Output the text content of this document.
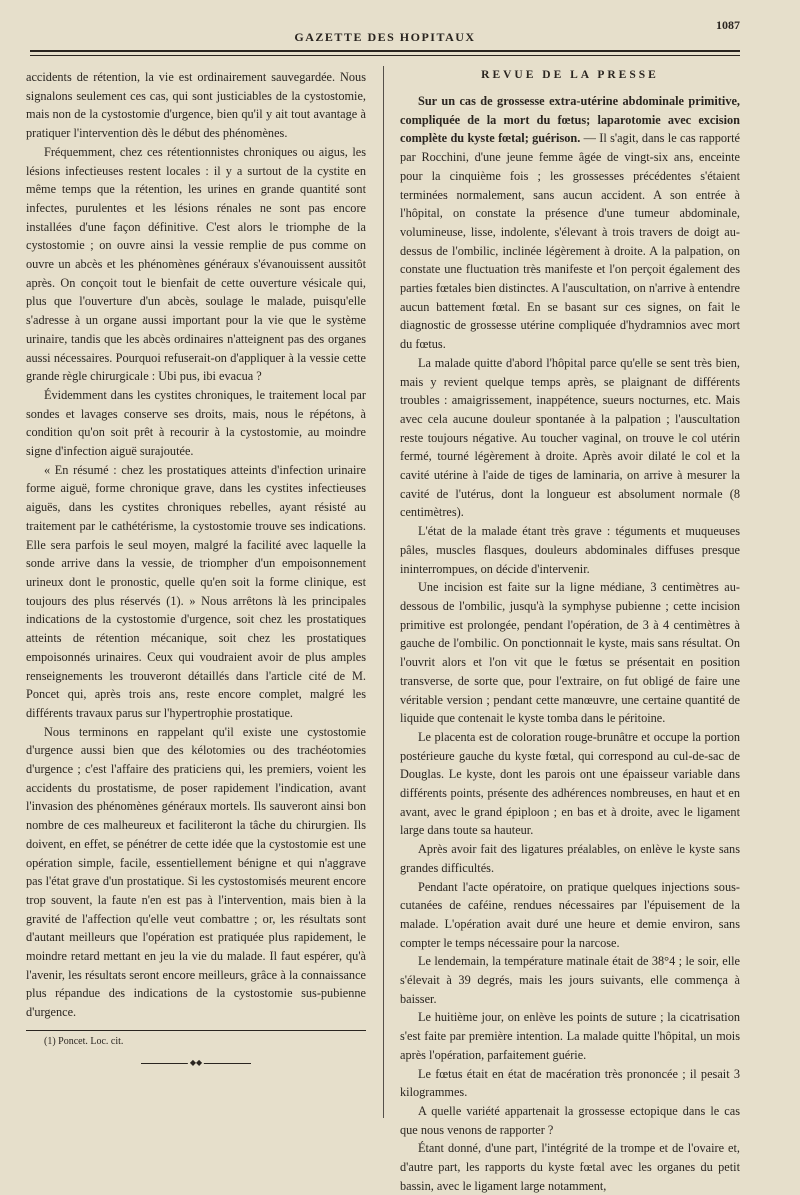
GAZETTE DES HOPITAUX
1087

accidents de rétention, la vie est ordinairement sauvegardée. Nous signalons seulement ces cas, qui sont justiciables de la cystostomie, mais non de la cystostomie d'urgence, bien qu'il y ait tout avantage à pratiquer l'intervention dès le début des phénomènes.

Fréquemment, chez ces rétentionnistes chroniques ou aigus, les lésions infectieuses restent locales : il y a surtout de la cystite en même temps que la rétention, les urines en grande quantité sont infectes, purulentes et les lésions rénales ne sont pas encore installées d'une façon définitive. C'est alors le triomphe de la cystostomie ; on ouvre ainsi la vessie remplie de pus comme on ouvre un abcès et les phénomènes généraux s'évanouissent aussitôt après. On conçoit tout le bienfait de cette ouverture vésicale qui, plus que l'ouverture d'un abcès, soulage le malade, puisqu'elle s'adresse à un organe aussi important pour la vie que le système urinaire, tandis que les abcès ordinaires n'atteignent pas des organes aussi nécessaires. Pourquoi refuserait-on d'appliquer à la vessie cette grande règle chirurgicale : Ubi pus, ibi evacua ?

Évidemment dans les cystites chroniques, le traitement local par sondes et lavages conserve ses droits, mais, nous le répétons, à condition qu'on soit prêt à recourir à la cystostomie, au moindre signe d'infection aiguë surajoutée.

« En résumé : chez les prostatiques atteints d'infection urinaire forme aiguë, forme chronique grave, dans les cystites infectieuses aiguës, dans les cystites chroniques rebelles, ayant résisté au traitement par le cathétérisme, la cystostomie trouve ses indications. Elle sera parfois le seul moyen, malgré la facilité avec laquelle la sonde arrive dans la vessie, de triompher d'un empoisonnement urineux dont le pronostic, quelle qu'en soit la forme clinique, est toujours des plus réservés (1). » Nous arrêtons là les principales indications de la cystostomie d'urgence, soit chez les prostatiques atteints de rétention mécanique, soit chez les prostatiques empoisonnés urinaires. Ceux qui voudraient avoir de plus amples renseignements les trouveront détaillés dans l'article cité de M. Poncet qui, après trois ans, reste encore complet, malgré les différents travaux parus sur l'hypertrophie prostatique.

Nous terminons en rappelant qu'il existe une cystostomie d'urgence aussi bien que des kélotomies ou des trachéotomies d'urgence ; c'est l'affaire des praticiens qui, les premiers, voient les accidents du prostatisme, de poser rapidement l'indication, avant l'invasion des phénomènes généraux mortels. Ils sauveront ainsi bon nombre de ces malheureux et faciliteront la tâche du chirurgien. Ils doivent, en effet, se pénétrer de cette idée que la cystostomie est une opération simple, facile, essentiellement bénigne et qui n'aggrave pas l'état grave d'un prostatique. Si les cystostomisés meurent encore trop souvent, la faute n'en est pas à l'intervention, mais bien à la gravité de l'affection qu'elle veut combattre ; or, les résultats sont d'autant meilleurs que l'opération est pratiquée plus rapidement, le moindre retard mettant en jeu la vie du malade. Il faut espérer, qu'à l'avenir, les résultats seront encore meilleurs, grâce à la connaissance plus répandue des indications de la cystostomie sus-pubienne d'urgence.

(1) Poncet. Loc. cit.

◆◆
REVUE DE LA PRESSE

Sur un cas de grossesse extra-utérine abdominale primitive, compliquée de la mort du fœtus; laparotomie avec excision complète du kyste fœtal; guérison. — Il s'agit, dans le cas rapporté par Rocchini, d'une jeune femme âgée de vingt-six ans, enceinte pour la cinquième fois ; les grossesses précédentes s'étaient terminées normalement, sans aucun accident. A son entrée à l'hôpital, on constate la présence d'une tumeur abdominale, volumineuse, lisse, indolente, s'élevant à trois travers de doigt au-dessus de l'ombilic, inclinée légèrement à droite. A la palpation, on constate une fluctuation très manifeste et l'on perçoit également des parties fœtales bien distinctes. A l'auscultation, on n'arrive à entendre aucun battement fœtal. En se basant sur ces signes, on fait le diagnostic de grossesse utérine compliquée d'hydramnios avec mort du fœtus.

La malade quitte d'abord l'hôpital parce qu'elle se sent très bien, mais y revient quelque temps après, se plaignant de différents troubles : amaigrissement, inappétence, sueurs nocturnes, etc. Mais avec cela aucune douleur spontanée à la palpation ; l'auscultation reste toujours négative. Au toucher vaginal, on trouve le col utérin fermé, tourné légèrement à droite. Après avoir dilaté le col et la cavité utérine à l'aide de tiges de laminaria, on arrive à mesurer la cavité de l'utérus, dont la longueur est absolument normale (8 centimètres).

L'état de la malade étant très grave : téguments et muqueuses pâles, muscles flasques, douleurs abdominales diffuses presque ininterrompues, on décide d'intervenir.

Une incision est faite sur la ligne médiane, 3 centimètres au-dessous de l'ombilic, jusqu'à la symphyse pubienne ; cette incision primitive est prolongée, pendant l'opération, de 3 à 4 centimètres à gauche de l'ombilic. On ponctionnait le kyste, mais sans résultat. On l'ouvrit alors et l'on vit que le fœtus se présentait en position transverse, de sorte que, pour l'extraire, on fut obligé de faire une véritable version ; pendant cette manœuvre, une certaine quantité de liquide que contenait le kyste tomba dans le péritoine.

Le placenta est de coloration rouge-brunâtre et occupe la portion postérieure gauche du kyste fœtal, qui correspond au cul-de-sac de Douglas. Le kyste, dont les parois ont une épaisseur variable dans différents points, présente des adhérences nombreuses, en haut et en avant, avec le grand épiploon ; en bas et à droite, avec le ligament large dans toute sa hauteur.

Après avoir fait des ligatures préalables, on enlève le kyste sans grandes difficultés.

Pendant l'acte opératoire, on pratique quelques injections sous-cutanées de caféine, rendues nécessaires par l'épuisement de la malade. L'opération avait duré une heure et demie environ, sans compter le temps nécessaire pour la narcose.

Le lendemain, la température matinale était de 38°4 ; le soir, elle s'élevait à 39 degrés, mais les jours suivants, elle commença à baisser.

Le huitième jour, on enlève les points de suture ; la cicatrisation s'est faite par première intention. La malade quitte l'hôpital, un mois après l'opération, parfaitement guérie.

Le fœtus était en état de macération très prononcée ; il pesait 3 kilogrammes.

A quelle variété appartenait la grossesse ectopique dans le cas que nous venons de rapporter ?

Étant donné, d'une part, l'intégrité de la trompe et de l'ovaire et, d'autre part, les rapports du kyste fœtal avec les organes du petit bassin, avec le ligament large notamment,
